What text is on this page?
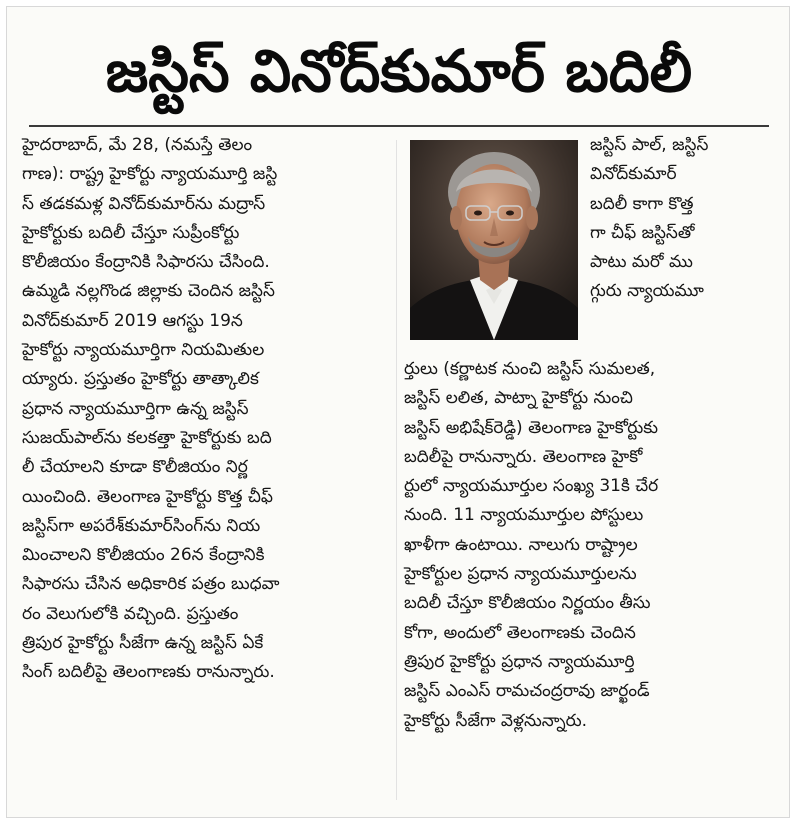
జస్టిస్ వినోద్‌కుమార్ బదిలీ

హైదరాబాద్, మే 28, (నమస్తే తెలం

గాణ): రాష్ట్ర హైకోర్టు న్యాయమూర్తి జస్టి

స్ తడకమళ్ల వినోద్‌కుమార్‌ను మద్రాస్

హైకోర్టుకు బదిలీ చేస్తూ సుప్రీంకోర్టు

కొలీజియం కేంద్రానికి సిఫారసు చేసింది.

ఉమ్మడి నల్లగొండ జిల్లాకు చెందిన జస్టిస్

వినోద్‌కుమార్ 2019 ఆగస్టు 19న

హైకోర్టు న్యాయమూర్తిగా నియమితుల

య్యారు. ప్రస్తుతం హైకోర్టు తాత్కాలిక

ప్రధాన న్యాయమూర్తిగా ఉన్న జస్టిస్

సుజయ్‌పాల్‌ను కలకత్తా హైకోర్టుకు బది

లీ చేయాలని కూడా కొలీజియం నిర్ణ

యించింది. తెలంగాణ హైకోర్టు కొత్త చీఫ్

జస్టిస్‌గా అపరేశ్‌కుమార్‌సింగ్‌ను నియ

మించాలని కొలీజియం 26న కేంద్రానికి

సిఫారసు చేసిన అధికారిక పత్రం బుధవా

రం వెలుగులోకి వచ్చింది. ప్రస్తుతం

త్రిపుర హైకోర్టు సీజేగా ఉన్న జస్టిస్ ఏకే

సింగ్ బదిలీపై తెలంగాణకు రానున్నారు.

జస్టిస్ పాల్, జస్టిస్

వినోద్‌కుమార్

బదిలీ కాగా కొత్త

గా చీఫ్ జస్టిస్‌తో

పాటు మరో ము

గ్గురు న్యాయమూ

ర్తులు (కర్ణాటక నుంచి జస్టిస్ సుమలత,

జస్టిస్ లలిత, పాట్నా హైకోర్టు నుంచి

జస్టిస్ అభిషేక్‌రెడ్డి) తెలంగాణ హైకోర్టుకు

బదిలీపై రానున్నారు. తెలంగాణ హైకో

ర్టులో న్యాయమూర్తుల సంఖ్య 31కి చేర

నుంది. 11 న్యాయమూర్తుల పోస్టులు

ఖాళీగా ఉంటాయి. నాలుగు రాష్ట్రాల

హైకోర్టుల ప్రధాన న్యాయమూర్తులను

బదిలీ చేస్తూ కొలీజియం నిర్ణయం తీసు

కోగా, అందులో తెలంగాణకు చెందిన

త్రిపుర హైకోర్టు ప్రధాన న్యాయమూర్తి

జస్టిస్ ఎంఎస్ రామచంద్రరావు జార్ఖండ్

హైకోర్టు సీజేగా వెళ్లనున్నారు.
